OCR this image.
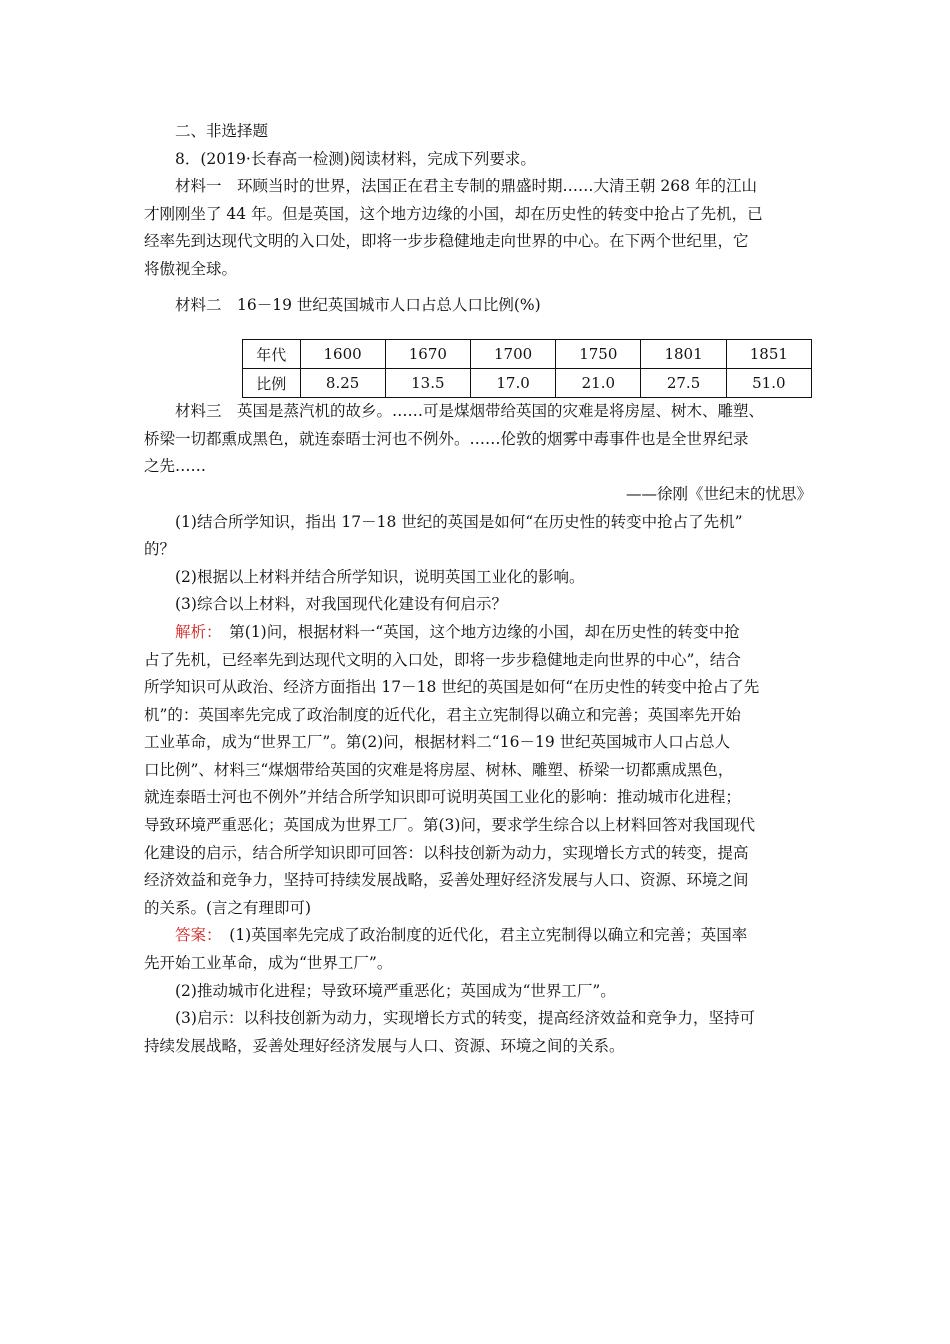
二、非选择题
8．(2019·长春高一检测)阅读材料，完成下列要求。
材料一　环顾当时的世界，法国正在君主专制的鼎盛时期……大清王朝 268 年的江山
才刚刚坐了 44 年。但是英国，这个地方边缘的小国，却在历史性的转变中抢占了先机，已
经率先到达现代文明的入口处，即将一步步稳健地走向世界的中心。在下两个世纪里，它
将傲视全球。
材料二　16－19 世纪英国城市人口占总人口比例(%)
年代	1600	1670	1700	1750	1801	1851
比例	8.25	13.5	17.0	21.0	27.5	51.0
材料三　英国是蒸汽机的故乡。……可是煤烟带给英国的灾难是将房屋、树木、雕塑、
桥梁一切都熏成黑色，就连泰晤士河也不例外。……伦敦的烟雾中毒事件也是全世界纪录
之先……
——徐刚《世纪末的忧思》
(1)结合所学知识，指出 17－18 世纪的英国是如何“在历史性的转变中抢占了先机”
的？
(2)根据以上材料并结合所学知识，说明英国工业化的影响。
(3)综合以上材料，对我国现代化建设有何启示？
解析：　第(1)问，根据材料一“英国，这个地方边缘的小国，却在历史性的转变中抢
占了先机，已经率先到达现代文明的入口处，即将一步步稳健地走向世界的中心”，结合
所学知识可从政治、经济方面指出 17－18 世纪的英国是如何“在历史性的转变中抢占了先
机”的：英国率先完成了政治制度的近代化，君主立宪制得以确立和完善；英国率先开始
工业革命，成为“世界工厂”。第(2)问，根据材料二“16－19 世纪英国城市人口占总人
口比例”、材料三“煤烟带给英国的灾难是将房屋、树林、雕塑、桥梁一切都熏成黑色，
就连泰晤士河也不例外”并结合所学知识即可说明英国工业化的影响：推动城市化进程；
导致环境严重恶化；英国成为世界工厂。第(3)问，要求学生综合以上材料回答对我国现代
化建设的启示，结合所学知识即可回答：以科技创新为动力，实现增长方式的转变，提高
经济效益和竞争力，坚持可持续发展战略，妥善处理好经济发展与人口、资源、环境之间
的关系。(言之有理即可)
答案：　(1)英国率先完成了政治制度的近代化，君主立宪制得以确立和完善；英国率
先开始工业革命，成为“世界工厂”。
(2)推动城市化进程；导致环境严重恶化；英国成为“世界工厂”。
(3)启示：以科技创新为动力，实现增长方式的转变，提高经济效益和竞争力，坚持可
持续发展战略，妥善处理好经济发展与人口、资源、环境之间的关系。
